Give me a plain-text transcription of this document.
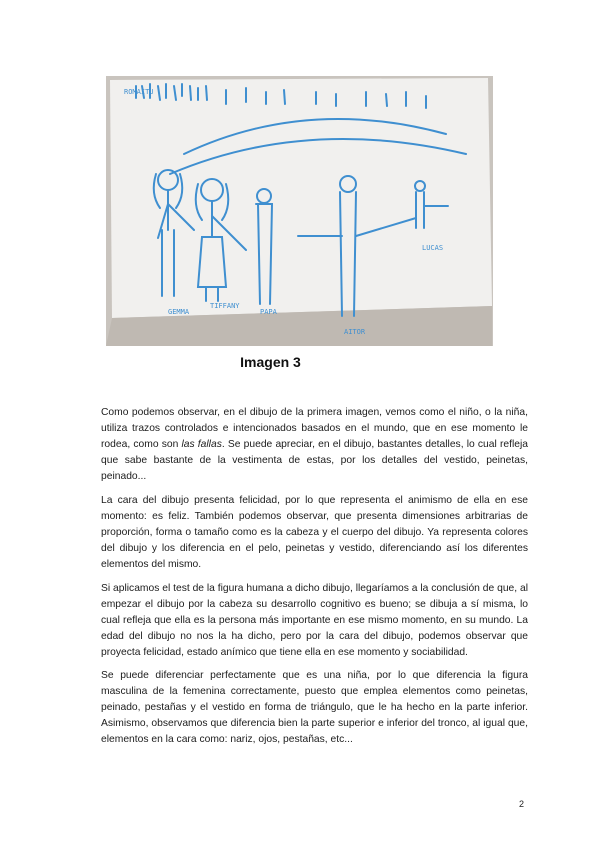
ROMAITU
GEMMA
TIFFANY
PAPA
AITOR
LUCAS
Imagen 3

Como podemos observar, en el dibujo de la primera imagen, vemos como el niño, o la niña, utiliza trazos controlados e intencionados basados en el mundo, que en ese momento le rodea, como son las fallas. Se puede apreciar, en el dibujo, bastantes detalles, lo cual refleja que sabe bastante de la vestimenta de estas, por los detalles del vestido, peinetas, peinado...

La cara del dibujo presenta felicidad, por lo que representa el animismo de ella en ese momento: es feliz. También podemos observar, que presenta dimensiones arbitrarias de proporción, forma o tamaño como es la cabeza y el cuerpo del dibujo. Ya representa colores del dibujo y los diferencia en el pelo, peinetas y vestido, diferenciando así los diferentes elementos del mismo.

Si aplicamos el test de la figura humana a dicho dibujo, llegaríamos a la conclusión de que, al empezar el dibujo por la cabeza su desarrollo cognitivo es bueno; se dibuja a sí misma, lo cual refleja que ella es la persona más importante en ese mismo momento, en su mundo. La edad del dibujo no nos la ha dicho, pero por la cara del dibujo, podemos observar que proyecta felicidad, estado anímico que tiene ella en ese momento y sociabilidad.

Se puede diferenciar perfectamente que es una niña, por lo que diferencia la figura masculina de la femenina correctamente, puesto que emplea elementos como peinetas, peinado, pestañas y el vestido en forma de triángulo, que le ha hecho en la parte inferior. Asimismo, observamos que diferencia bien la parte superior e inferior del tronco, al igual que, elementos en la cara como: nariz, ojos, pestañas, etc...

2
